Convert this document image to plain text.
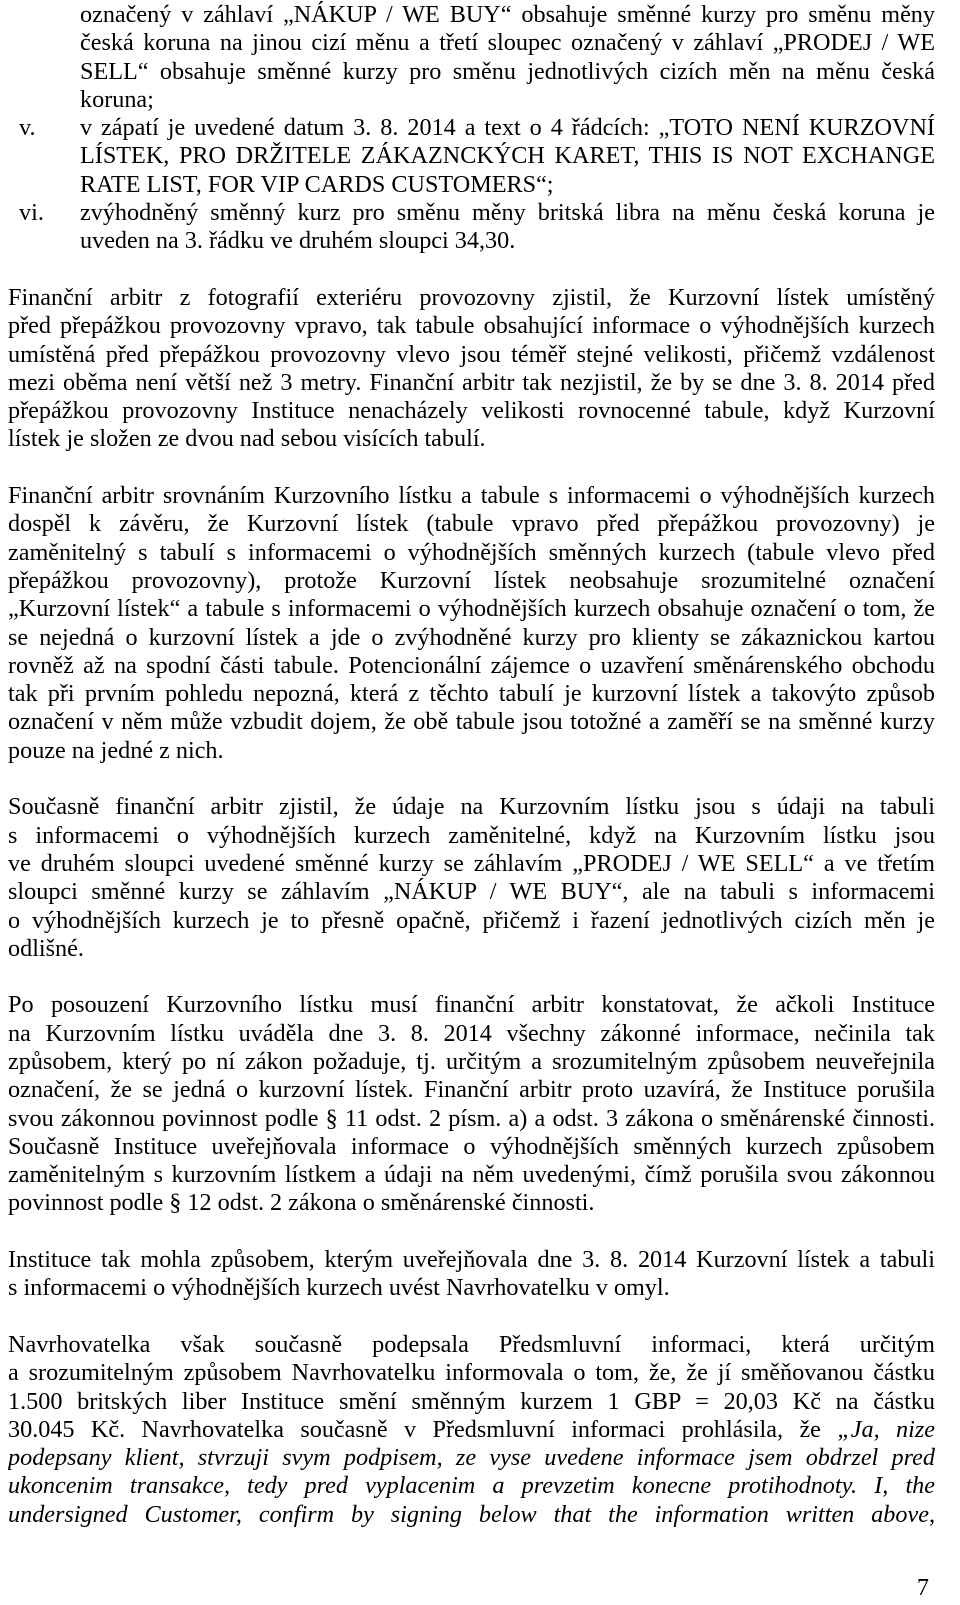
označený v záhlaví „NÁKUP / WE BUY“ obsahuje směnné kurzy pro směnu měny
česká koruna na jinou cizí měnu a třetí sloupec označený v záhlaví „PRODEJ / WE
SELL“ obsahuje směnné kurzy pro směnu jednotlivých cizích měn na měnu česká
koruna;
v. v zápatí je uvedené datum 3. 8. 2014 a text o 4 řádcích: „TOTO NENÍ KURZOVNÍ
LÍSTEK, PRO DRŽITELE ZÁKAZNCKÝCH KARET, THIS IS NOT EXCHANGE
RATE LIST, FOR VIP CARDS CUSTOMERS“;
vi. zvýhodněný směnný kurz pro směnu měny britská libra na měnu česká koruna je
uveden na 3. řádku ve druhém sloupci 34,30.
Finanční arbitr z fotografií exteriéru provozovny zjistil, že Kurzovní lístek umístěný
před přepážkou provozovny vpravo, tak tabule obsahující informace o výhodnějších kurzech
umístěná před přepážkou provozovny vlevo jsou téměř stejné velikosti, přičemž vzdálenost
mezi oběma není větší než 3 metry. Finanční arbitr tak nezjistil, že by se dne 3. 8. 2014 před
přepážkou provozovny Instituce nenacházely velikosti rovnocenné tabule, když Kurzovní
lístek je složen ze dvou nad sebou visících tabulí.
Finanční arbitr srovnáním Kurzovního lístku a tabule s informacemi o výhodnějších kurzech
dospěl k závěru, že Kurzovní lístek (tabule vpravo před přepážkou provozovny) je
zaměnitelný s tabulí s informacemi o výhodnějších směnných kurzech (tabule vlevo před
přepážkou provozovny), protože Kurzovní lístek neobsahuje srozumitelné označení
„Kurzovní lístek“ a tabule s informacemi o výhodnějších kurzech obsahuje označení o tom, že
se nejedná o kurzovní lístek a jde o zvýhodněné kurzy pro klienty se zákaznickou kartou
rovněž až na spodní části tabule. Potencionální zájemce o uzavření směnárenského obchodu
tak při prvním pohledu nepozná, která z těchto tabulí je kurzovní lístek a takovýto způsob
označení v něm může vzbudit dojem, že obě tabule jsou totožné a zaměří se na směnné kurzy
pouze na jedné z nich.
Současně finanční arbitr zjistil, že údaje na Kurzovním lístku jsou s údaji na tabuli
s informacemi o výhodnějších kurzech zaměnitelné, když na Kurzovním lístku jsou
ve druhém sloupci uvedené směnné kurzy se záhlavím „PRODEJ / WE SELL“ a ve třetím
sloupci směnné kurzy se záhlavím „NÁKUP / WE BUY“, ale na tabuli s informacemi
o výhodnějších kurzech je to přesně opačně, přičemž i řazení jednotlivých cizích měn je
odlišné.
Po posouzení Kurzovního lístku musí finanční arbitr konstatovat, že ačkoli Instituce
na Kurzovním lístku uváděla dne 3. 8. 2014 všechny zákonné informace, nečinila tak
způsobem, který po ní zákon požaduje, tj. určitým a srozumitelným způsobem neuveřejnila
označení, že se jedná o kurzovní lístek. Finanční arbitr proto uzavírá, že Instituce porušila
svou zákonnou povinnost podle § 11 odst. 2 písm. a) a odst. 3 zákona o směnárenské činnosti.
Současně Instituce uveřejňovala informace o výhodnějších směnných kurzech způsobem
zaměnitelným s kurzovním lístkem a údaji na něm uvedenými, čímž porušila svou zákonnou
povinnost podle § 12 odst. 2 zákona o směnárenské činnosti.
Instituce tak mohla způsobem, kterým uveřejňovala dne 3. 8. 2014 Kurzovní lístek a tabuli
s informacemi o výhodnějších kurzech uvést Navrhovatelku v omyl.
Navrhovatelka však současně podepsala Předsmluvní informaci, která určitým
a srozumitelným způsobem Navrhovatelku informovala o tom, že, že jí směňovanou částku
1.500 britských liber Instituce smění směnným kurzem 1 GBP = 20,03 Kč na částku
30.045 Kč. Navrhovatelka současně v Předsmluvní informaci prohlásila, že „Ja, nize
podepsany klient, stvrzuji svym podpisem, ze vyse uvedene informace jsem obdrzel pred
ukoncenim transakce, tedy pred vyplacenim a prevzetim konecne protihodnoty. I, the
undersigned Customer, confirm by signing below that the information written above,
7
